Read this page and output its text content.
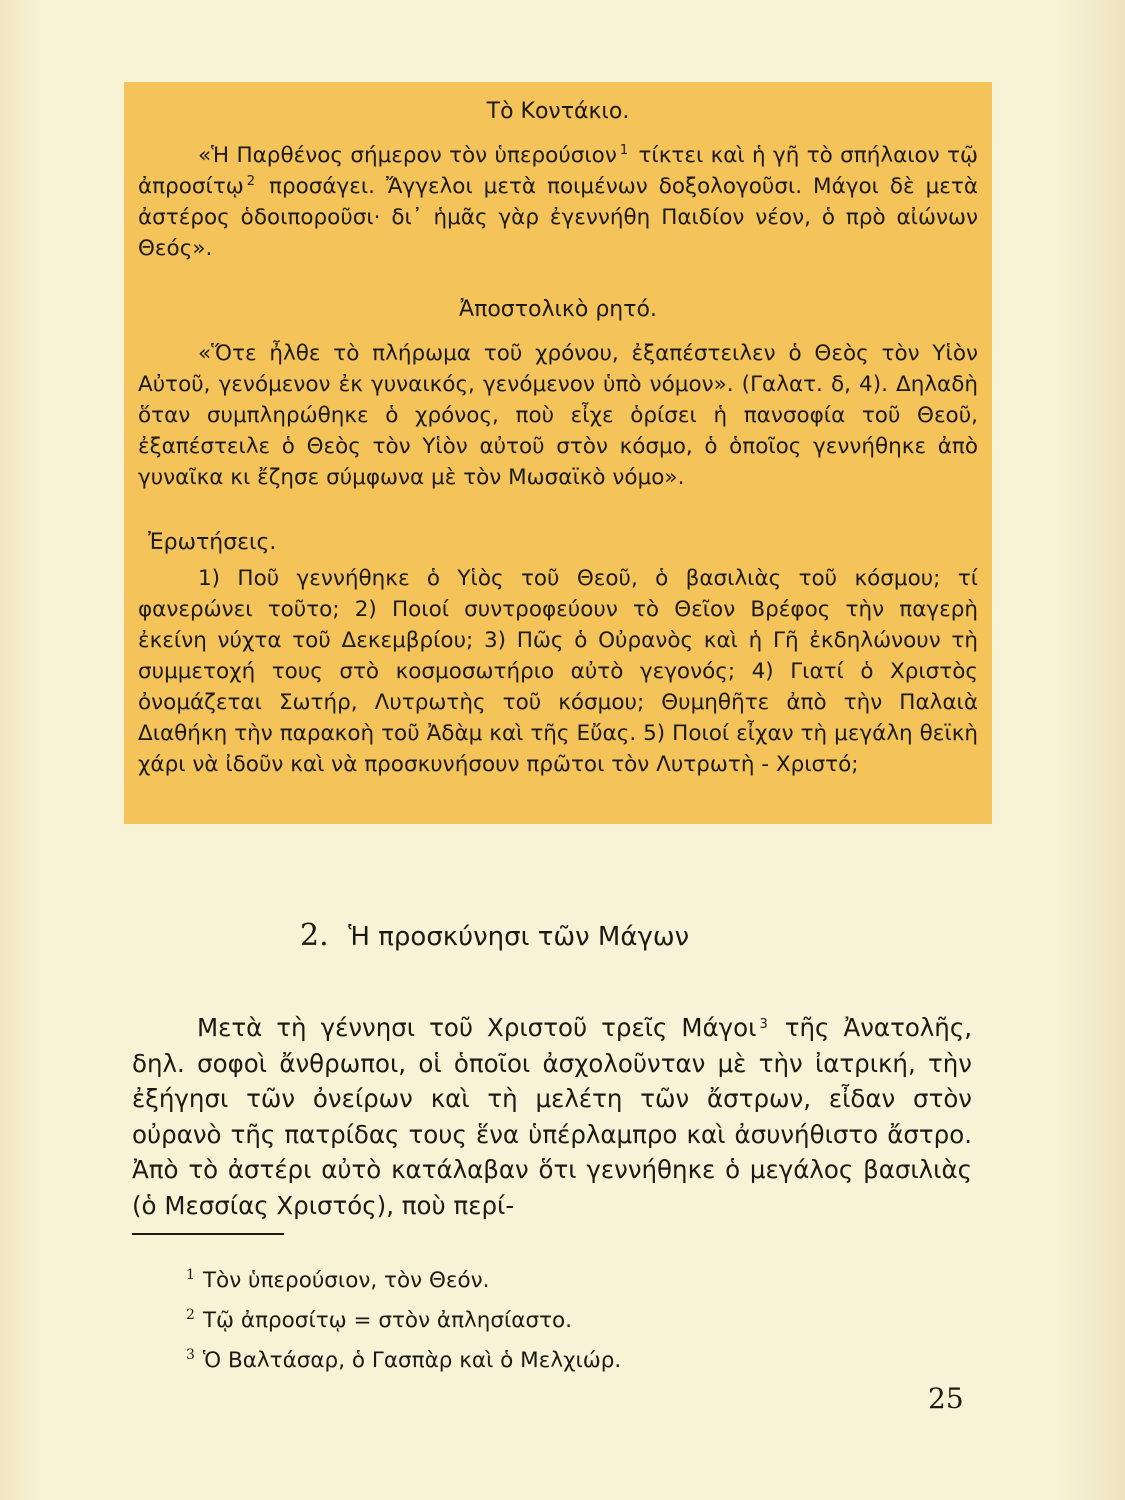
Τὸ Κοντάκιο.

«Ἡ Παρθένος σήμερον τὸν ὑπερούσιον $^1$ τίκτει καὶ ἡ γῆ τὸ σπήλαιον τῷ ἀπροσίτῳ $^2$ προσάγει. Ἄγγελοι μετὰ ποιμένων δοξολογοῦσι. Μάγοι δὲ μετὰ ἀστέρος ὁδοιποροῦσι· δι᾽ ἡμᾶς γὰρ ἐγεννήθη Παιδίον νέον, ὁ πρὸ αἰώνων Θεός».

Ἀποστολικὸ ρητό.

«Ὅτε ἦλθε τὸ πλήρωμα τοῦ χρόνου, ἐξαπέστειλεν ὁ Θεὸς τὸν Υἱὸν Αὐτοῦ, γενόμενον ἐκ γυναικός, γενόμενον ὑπὸ νόμον». (Γαλατ. δ, 4). Δηλαδὴ ὅταν συμπληρώθηκε ὁ χρόνος, ποὺ εἶχε ὁρίσει ἡ πανσοφία τοῦ Θεοῦ, ἐξαπέστειλε ὁ Θεὸς τὸν Υἱὸν αὐτοῦ στὸν κόσμο, ὁ ὁποῖος γεννήθηκε ἀπὸ γυναῖκα κι ἔζησε σύμφωνα μὲ τὸν Μωσαϊκὸ νόμο».

Ἐρωτήσεις.

1) Ποῦ γεννήθηκε ὁ Υἱὸς τοῦ Θεοῦ, ὁ βασιλιὰς τοῦ κόσμου; τί φανερώνει τοῦτο; 2) Ποιοί συντροφεύουν τὸ Θεῖον Βρέφος τὴν παγερὴ ἐκείνη νύχτα τοῦ Δεκεμβρίου; 3) Πῶς ὁ Οὐρανὸς καὶ ἡ Γῆ ἐκδηλώνουν τὴ συμμετοχή τους στὸ κοσμοσωτήριο αὐτὸ γεγονός; 4) Γιατί ὁ Χριστὸς ὀνομάζεται Σωτήρ, Λυτρωτὴς τοῦ κόσμου; Θυμηθῆτε ἀπὸ τὴν Παλαιὰ Διαθήκη τὴν παρακοὴ τοῦ Ἀδὰμ καὶ τῆς Εὔας. 5) Ποιοί εἶχαν τὴ μεγάλη θεϊκὴ χάρι νὰ ἰδοῦν καὶ νὰ προσκυνήσουν πρῶτοι τὸν Λυτρωτὴ - Χριστό;

2. Ἡ προσκύνησι τῶν Μάγων

Μετὰ τὴ γέννησι τοῦ Χριστοῦ τρεῖς Μάγοι $^3$ τῆς Ἀνατολῆς, δηλ. σοφοὶ ἄνθρωποι, οἱ ὁποῖοι ἀσχολοῦνταν μὲ τὴν ἰατρική, τὴν ἐξήγησι τῶν ὀνείρων καὶ τὴ μελέτη τῶν ἄστρων, εἶδαν στὸν οὐρανὸ τῆς πατρίδας τους ἕνα ὑπέρλαμπρο καὶ ἀσυνήθιστο ἄστρο. Ἀπὸ τὸ ἀστέρι αὐτὸ κατάλαβαν ὅτι γεννήθηκε ὁ μεγάλος βασιλιὰς (ὁ Μεσσίας Χριστός), ποὺ περί-

$^1$ Τὸν ὑπερούσιον, τὸν Θεόν.
$^2$ Τῷ ἀπροσίτῳ = στὸν ἀπλησίαστο.
$^3$ Ὁ Βαλτάσαρ, ὁ Γασπὰρ καὶ ὁ Μελχιώρ.
25
